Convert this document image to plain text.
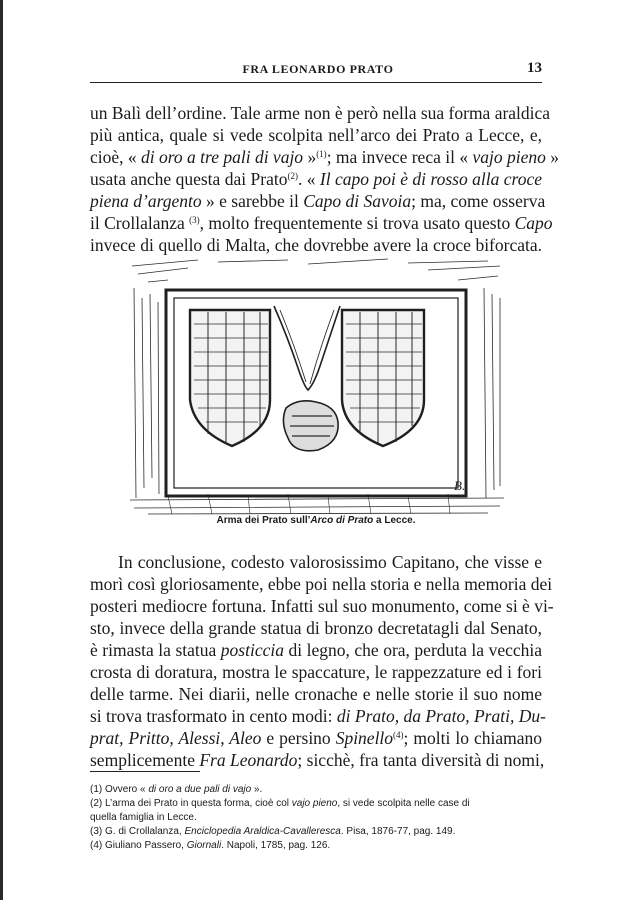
FRA LEONARDO PRATO	13
un Balì dell’ordine. Tale arme non è però nella sua forma araldica
più antica, quale si vede scolpita nell’arco dei Prato a Lecce, e,
cioè, « di oro a tre pali di vajo »$^{(1)}$; ma invece reca il « vajo pieno »
usata anche questa dai Prato$^{(2)}$. « Il capo poi è di rosso alla croce
piena d’argento » e sarebbe il Capo di Savoia; ma, come osserva
il Crollalanza $^{(3)}$, molto frequentemente si trova usato questo Capo
invece di quello di Malta, che dovrebbe avere la croce biforcata.
B.
Arma dei Prato sull’Arco di Prato a Lecce.
In conclusione, codesto valorosissimo Capitano, che visse e
morì così gloriosamente, ebbe poi nella storia e nella memoria dei
posteri mediocre fortuna. Infatti sul suo monumento, come si è vi-
sto, invece della grande statua di bronzo decretatagli dal Senato,
è rimasta la statua posticcia di legno, che ora, perduta la vecchia
crosta di doratura, mostra le spaccature, le rappezzature ed i fori
delle tarme. Nei diarii, nelle cronache e nelle storie il suo nome
si trova trasformato in cento modi: di Prato, da Prato, Prati, Du-
prat, Pritto, Alessi, Aleo e persino Spinello$^{(4)}$; molti lo chiamano
(1) Ovvero « di oro a due pali di vajo ».
(2) L’arma dei Prato in questa forma, cioè col vajo pieno, si vede scolpita nelle case di
quella famiglia in Lecce.
(3) G. di Crollalanza, Enciclopedia Araldica-Cavalleresca. Pisa, 1876-77, pag. 149.
(4) Giuliano Passero, Giornali. Napoli, 1785, pag. 126.
semplicemente Fra Leonardo; sicchè, fra tanta diversità di nomi,
